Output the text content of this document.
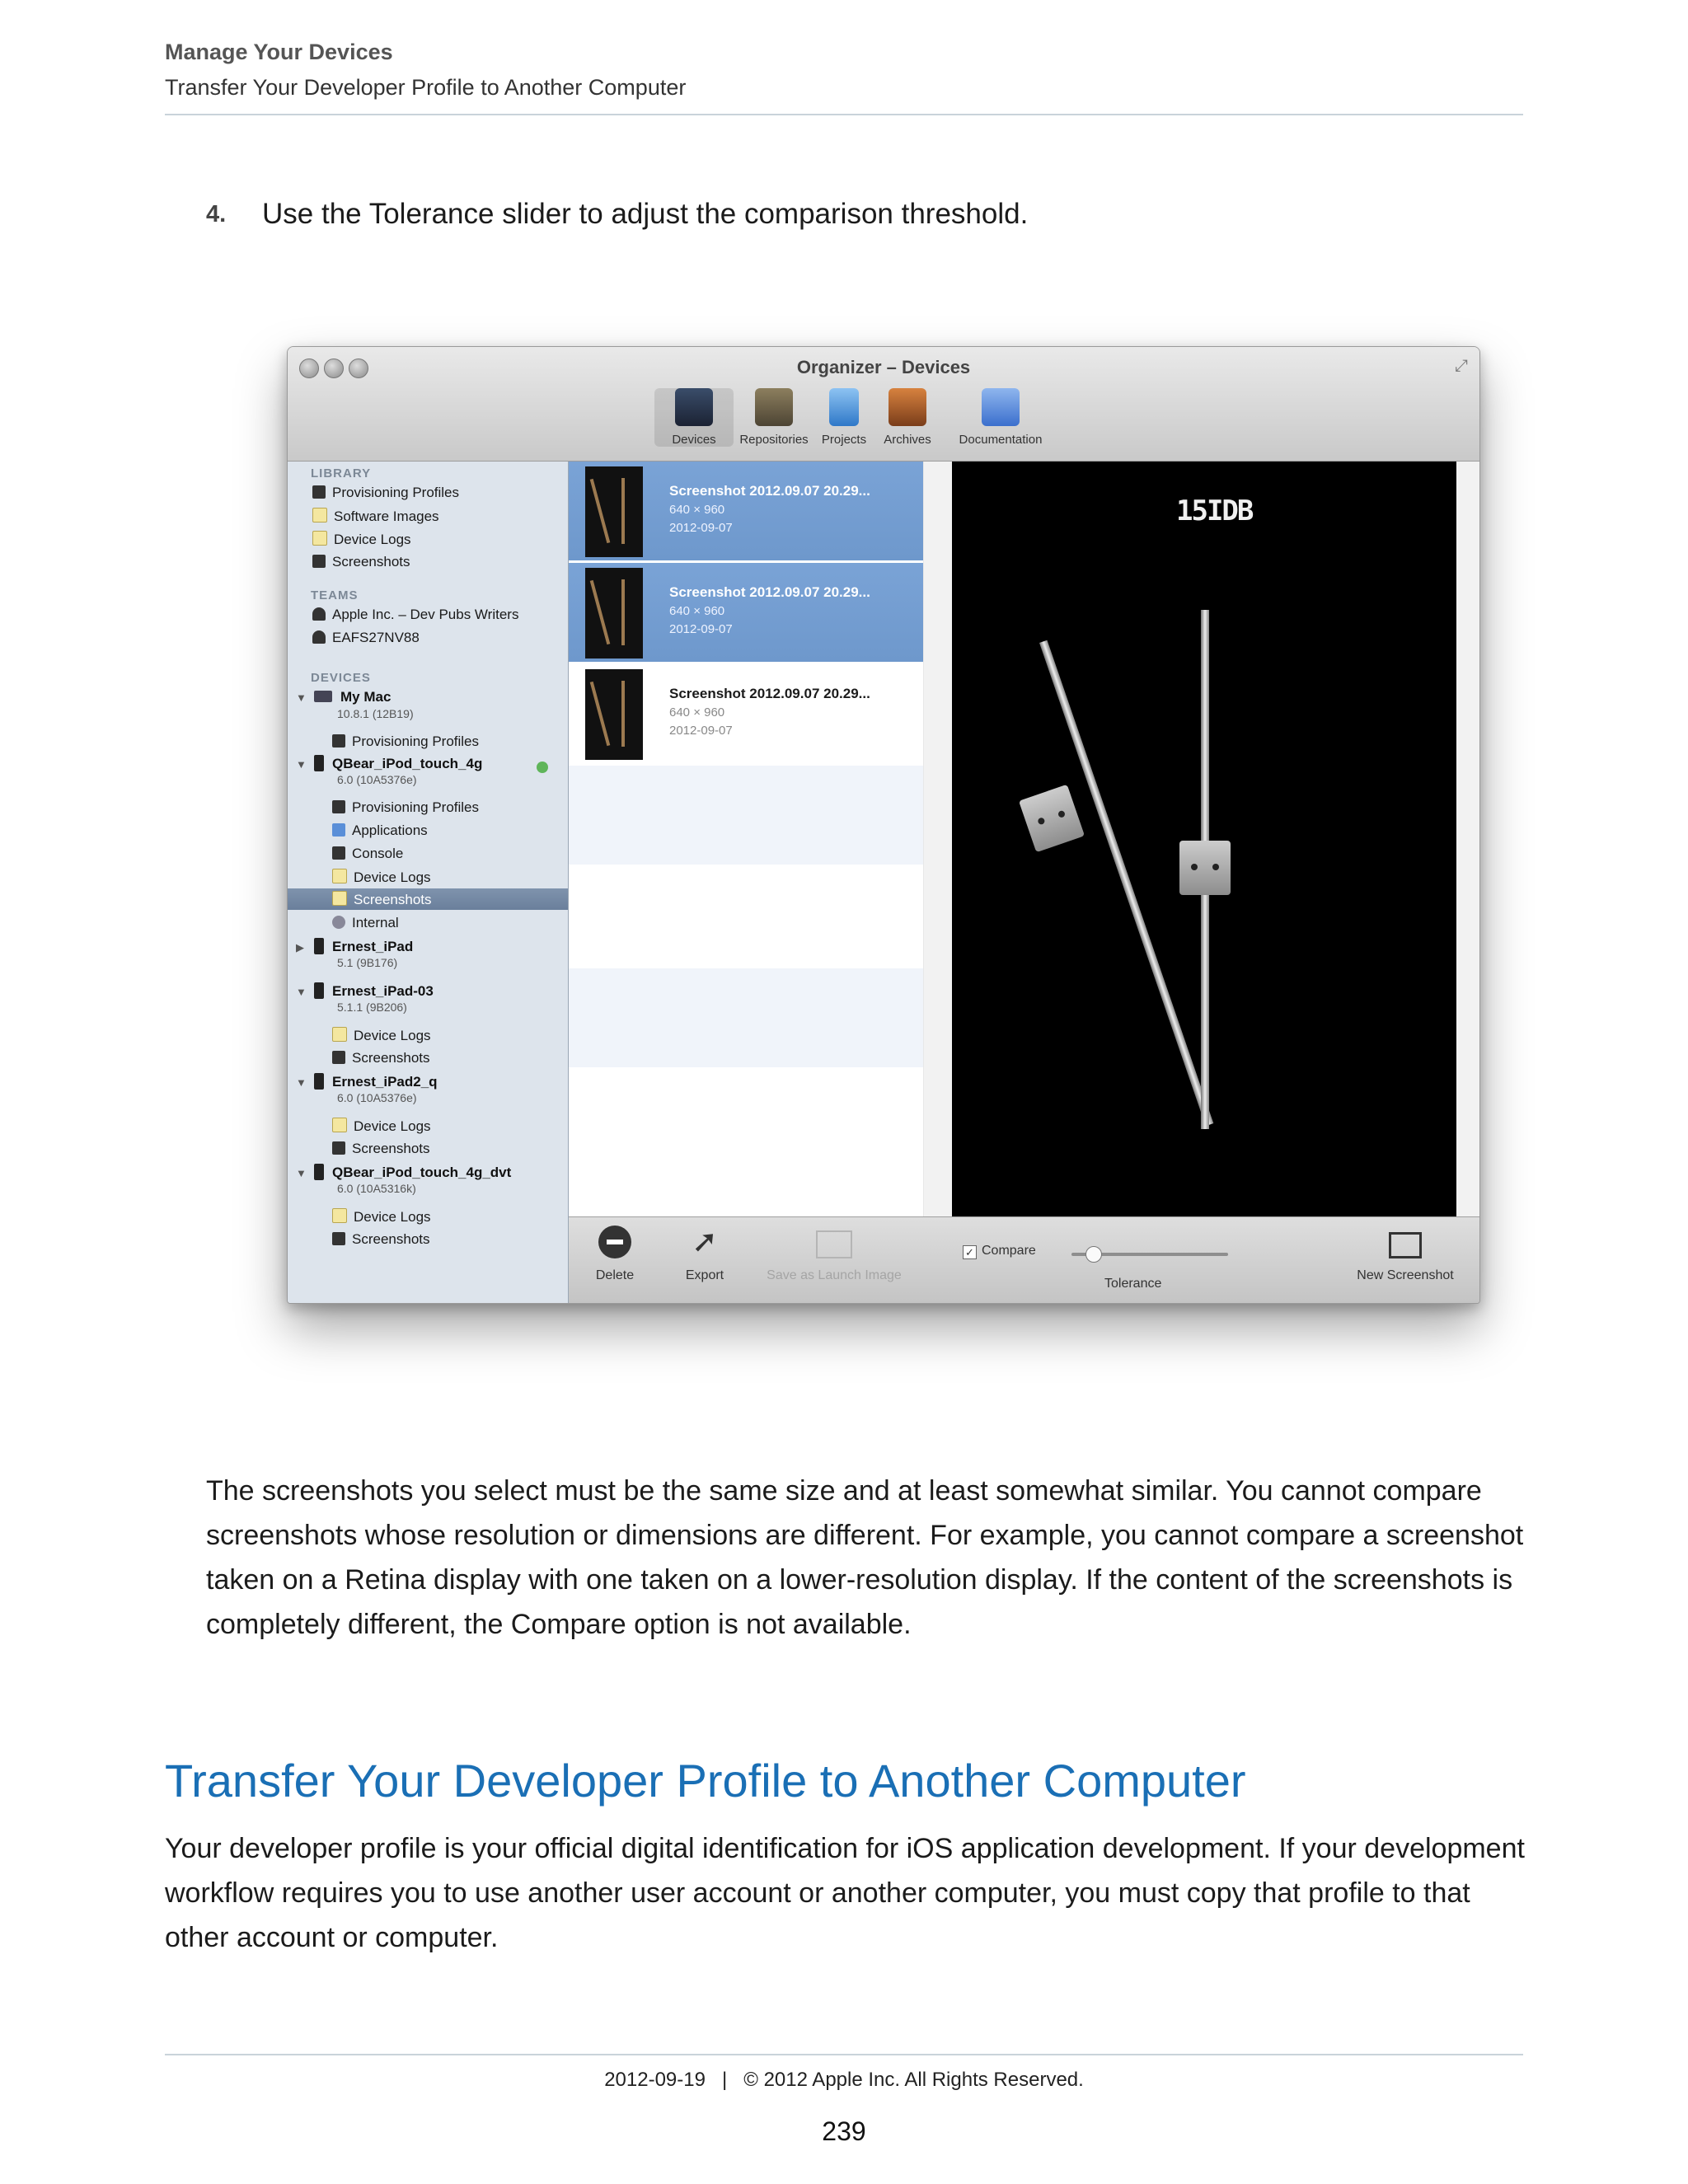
Manage Your Devices
Transfer Your Developer Profile to Another Computer
4. Use the Tolerance slider to adjust the comparison threshold.
Organizer – Devices	⤢
Devices	Repositories	Projects	Archives	Documentation
LIBRARY
Provisioning Profiles
Software Images
Device Logs
Screenshots
TEAMS
Apple Inc. – Dev Pubs Writers
EAFS27NV88
DEVICES
▼ My Mac
10.8.1 (12B19)
Provisioning Profiles
▼ QBear_iPod_touch_4g
6.0 (10A5376e)
Provisioning Profiles
Applications
Console
Device Logs
Screenshots
Internal
▶ Ernest_iPad
5.1 (9B176)
▼ Ernest_iPad-03
5.1.1 (9B206)
Device Logs
Screenshots
▼ Ernest_iPad2_q
6.0 (10A5376e)
Device Logs
Screenshots
▼ QBear_iPod_touch_4g_dvt
6.0 (10A5316k)
Device Logs
Screenshots
Screenshot 2012.09.07 20.29...
640 × 960
2012-09-07
Screenshot 2012.09.07 20.29...
640 × 960
2012-09-07
Screenshot 2012.09.07 20.29...
640 × 960
2012-09-07
15IDB
Delete
➚
Export	Save as Launch Image
✓ Compare
Tolerance
New Screenshot
The screenshots you select must be the same size and at least somewhat similar. You cannot compare screenshots whose resolution or dimensions are different. For example, you cannot compare a screenshot taken on a Retina display with one taken on a lower-resolution display. If the content of the screenshots is completely different, the Compare option is not available.
Transfer Your Developer Profile to Another Computer
Your developer profile is your official digital identification for iOS application development. If your development workflow requires you to use another user account or another computer, you must copy that profile to that other account or computer.
2012-09-19 | © 2012 Apple Inc. All Rights Reserved.
239
